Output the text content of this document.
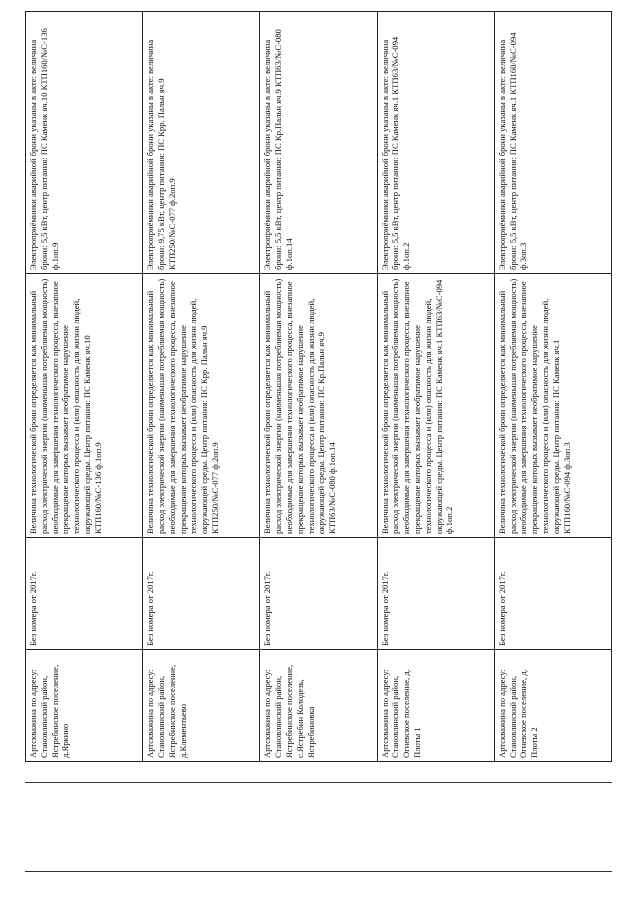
Артскважина по адресу: Становлянский район, Ястребинское поселение, д.Яркино	Без номера от 2017г.	Величина технологической брони определяется как минимальный расход электрической энергии (наименьшая потребляемая мощность) необходимые для завершения технологического процесса, внезапное прекращение которых вызывает необратимое нарушение технологического процесса и (или) опасность для жизни людей, окружающей среды. Центр питания: ПС Каменк яч.10 КТП160/№С-136 ф.1оп.9	Электроприёмники аварийной брони указаны в акте: величина брони: 5,5 кВт, центр питания: ПС Каменк яч.10 КТП160/№С-136 ф.1оп.9
Артскважина по адресу: Становлянский район, Ястребинское поселение, д.Клементьево	Без номера от 2017г.	Величина технологической брони определяется как минимальный расход электрической энергии (наименьшая потребляемая мощность) необходимые для завершения технологического процесса, внезапное прекращение которых вызывает необратимое нарушение технологического процесса и (или) опасность для жизни людей, окружающей среды. Центр питания: ПС Крр. Пальн яч.9 КТП250/№С-077 ф.2оп.9	Электроприёмники аварийной брони указаны в акте: величина брони: 9,75 кВт, центр питания: ПС Крр. Пальн яч.9 КТП250/№С-077 ф.2оп.9
Артскважина по адресу: Становлянский район, Ястребинское поселение, с.Ястребин Колодезь, Ястребиновка	Без номера от 2017г.	Величина технологической брони определяется как минимальный расход электрической энергии (наименьшая потребляемая мощность) необходимые для завершения технологического процесса, внезапное прекращение которых вызывает необратимое нарушение технологического процесса и (или) опасность для жизни людей, окружающей среды. Центр питания: ПС Кр.Пальн яч.9 КТП63/№С-080 ф.1оп.14	Электроприёмники аварийной брони указаны в акте: величина брони: 5,5 кВт, центр питания: ПС Кр.Пальн яч.9 КТП63/№С-080 ф.1оп.14
Артскважина по адресу: Становлянский район, Огневское поселение, д. Плоты 1	Без номера от 2017г.	Величина технологической брони определяется как минимальный расход электрической энергии (наименьшая потребляемая мощность) необходимые для завершения технологического процесса, внезапное прекращение которых вызывает необратимое нарушение технологического процесса и (или) опасность для жизни людей, окружающей среды. Центр питания: ПС Каменк яч.1 КТП63/№С-094 ф.1оп.2	Электроприёмники аварийной брони указаны в акте: величина брони: 5,5 кВт, центр питания: ПС Каменк яч.1 КТП63/№С-094 ф.1оп.2
Артскважина по адресу: Становлянский район, Огневское поселение, д. Плоты 2	Без номера от 2017г.	Величина технологической брони определяется как минимальный расход электрической энергии (наименьшая потребляемая мощность) необходимые для завершения технологического процесса, внезапное прекращение которых вызывает необратимое нарушение технологического процесса и (или) опасность для жизни людей, окружающей среды. Центр питания: ПС Каменк яч.1 КТП160/№С-094 ф.3оп.3	Электроприёмники аварийной брони указаны в акте: величина брони: 5,5 кВт, центр питания: ПС Каменк яч.1 КТП160/№С-094 ф.3оп.3
